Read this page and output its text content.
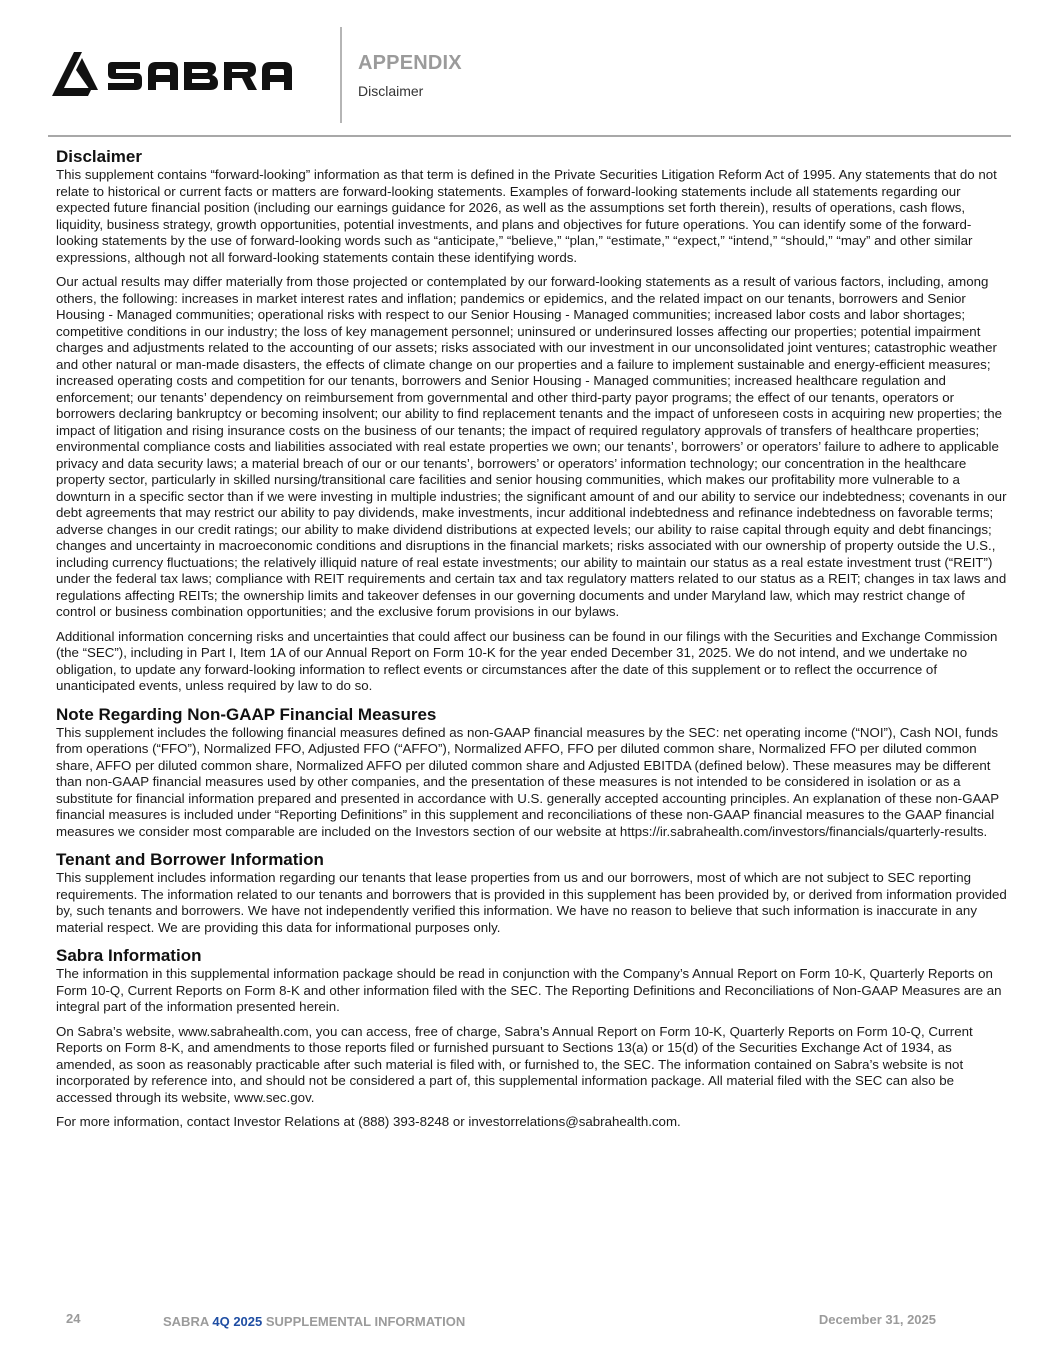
APPENDIX
Disclaimer
Disclaimer

This supplement contains “forward-looking” information as that term is defined in the Private Securities Litigation Reform Act of 1995. Any statements that do not relate to historical or current facts or matters are forward-looking statements. Examples of forward-looking statements include all statements regarding our expected future financial position (including our earnings guidance for 2026, as well as the assumptions set forth therein), results of operations, cash flows, liquidity, business strategy, growth opportunities, potential investments, and plans and objectives for future operations. You can identify some of the forward-looking statements by the use of forward-looking words such as “anticipate,” “believe,” “plan,” “estimate,” “expect,” “intend,” “should,” “may” and other similar expressions, although not all forward-looking statements contain these identifying words.

Our actual results may differ materially from those projected or contemplated by our forward-looking statements as a result of various factors, including, among others, the following: increases in market interest rates and inflation; pandemics or epidemics, and the related impact on our tenants, borrowers and Senior Housing - Managed communities; operational risks with respect to our Senior Housing - Managed communities; increased labor costs and labor shortages; competitive conditions in our industry; the loss of key management personnel; uninsured or underinsured losses affecting our properties; potential impairment charges and adjustments related to the accounting of our assets; risks associated with our investment in our unconsolidated joint ventures; catastrophic weather and other natural or man-made disasters, the effects of climate change on our properties and a failure to implement sustainable and energy-efficient measures; increased operating costs and competition for our tenants, borrowers and Senior Housing - Managed communities; increased healthcare regulation and enforcement; our tenants’ dependency on reimbursement from governmental and other third-party payor programs; the effect of our tenants, operators or borrowers declaring bankruptcy or becoming insolvent; our ability to find replacement tenants and the impact of unforeseen costs in acquiring new properties; the impact of litigation and rising insurance costs on the business of our tenants; the impact of required regulatory approvals of transfers of healthcare properties; environmental compliance costs and liabilities associated with real estate properties we own; our tenants’, borrowers’ or operators’ failure to adhere to applicable privacy and data security laws; a material breach of our or our tenants’, borrowers’ or operators’ information technology; our concentration in the healthcare property sector, particularly in skilled nursing/transitional care facilities and senior housing communities, which makes our profitability more vulnerable to a downturn in a specific sector than if we were investing in multiple industries; the significant amount of and our ability to service our indebtedness; covenants in our debt agreements that may restrict our ability to pay dividends, make investments, incur additional indebtedness and refinance indebtedness on favorable terms; adverse changes in our credit ratings; our ability to make dividend distributions at expected levels; our ability to raise capital through equity and debt financings; changes and uncertainty in macroeconomic conditions and disruptions in the financial markets; risks associated with our ownership of property outside the U.S., including currency fluctuations; the relatively illiquid nature of real estate investments; our ability to maintain our status as a real estate investment trust (“REIT”) under the federal tax laws; compliance with REIT requirements and certain tax and tax regulatory matters related to our status as a REIT; changes in tax laws and regulations affecting REITs; the ownership limits and takeover defenses in our governing documents and under Maryland law, which may restrict change of control or business combination opportunities; and the exclusive forum provisions in our bylaws.

Additional information concerning risks and uncertainties that could affect our business can be found in our filings with the Securities and Exchange Commission (the “SEC”), including in Part I, Item 1A of our Annual Report on Form 10-K for the year ended December 31, 2025. We do not intend, and we undertake no obligation, to update any forward-looking information to reflect events or circumstances after the date of this supplement or to reflect the occurrence of unanticipated events, unless required by law to do so.

Note Regarding Non-GAAP Financial Measures

This supplement includes the following financial measures defined as non-GAAP financial measures by the SEC: net operating income (“NOI”), Cash NOI, funds from operations (“FFO”), Normalized FFO, Adjusted FFO (“AFFO”), Normalized AFFO, FFO per diluted common share, Normalized FFO per diluted common share, AFFO per diluted common share, Normalized AFFO per diluted common share and Adjusted EBITDA (defined below). These measures may be different than non-GAAP financial measures used by other companies, and the presentation of these measures is not intended to be considered in isolation or as a substitute for financial information prepared and presented in accordance with U.S. generally accepted accounting principles. An explanation of these non-GAAP financial measures is included under “Reporting Definitions” in this supplement and reconciliations of these non-GAAP financial measures to the GAAP financial measures we consider most comparable are included on the Investors section of our website at https://ir.sabrahealth.com/investors/financials/quarterly-results.

Tenant and Borrower Information

This supplement includes information regarding our tenants that lease properties from us and our borrowers, most of which are not subject to SEC reporting requirements. The information related to our tenants and borrowers that is provided in this supplement has been provided by, or derived from information provided by, such tenants and borrowers. We have not independently verified this information. We have no reason to believe that such information is inaccurate in any material respect. We are providing this data for informational purposes only.

Sabra Information

The information in this supplemental information package should be read in conjunction with the Company’s Annual Report on Form 10-K, Quarterly Reports on Form 10-Q, Current Reports on Form 8-K and other information filed with the SEC. The Reporting Definitions and Reconciliations of Non-GAAP Measures are an integral part of the information presented herein.

On Sabra’s website, www.sabrahealth.com, you can access, free of charge, Sabra’s Annual Report on Form 10-K, Quarterly Reports on Form 10-Q, Current Reports on Form 8-K, and amendments to those reports filed or furnished pursuant to Sections 13(a) or 15(d) of the Securities Exchange Act of 1934, as amended, as soon as reasonably practicable after such material is filed with, or furnished to, the SEC. The information contained on Sabra’s website is not incorporated by reference into, and should not be considered a part of, this supplemental information package. All material filed with the SEC can also be accessed through its website, www.sec.gov.

For more information, contact Investor Relations at (888) 393-8248 or investorrelations@sabrahealth.com.

24	SABRA 4Q 2025 SUPPLEMENTAL INFORMATION	December 31, 2025
